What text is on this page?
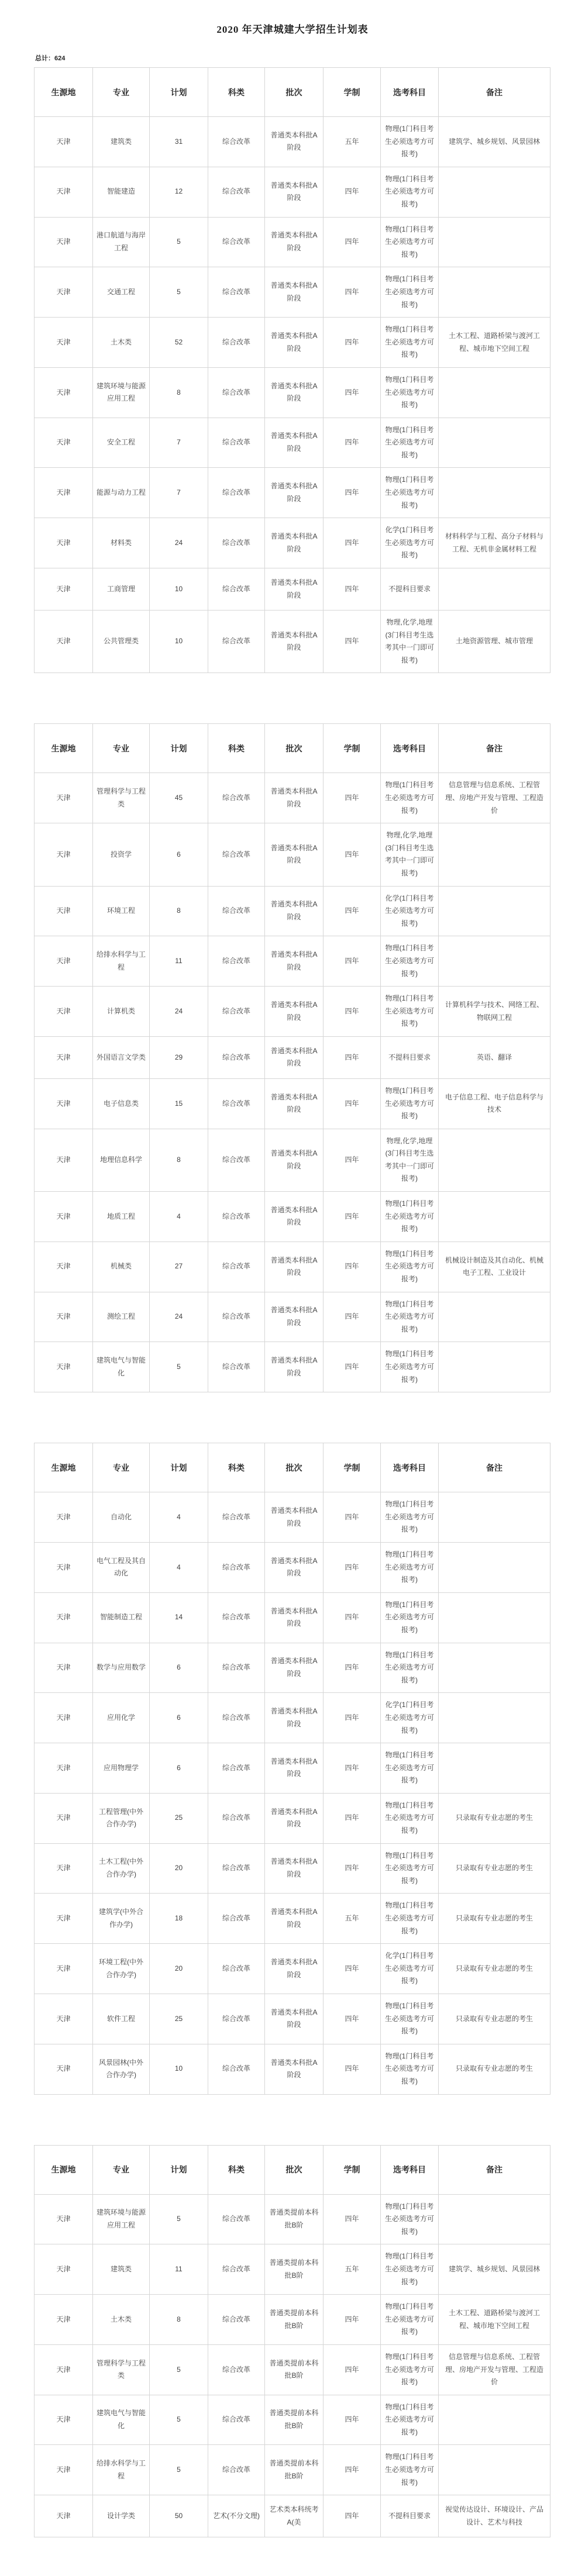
2020 年天津城建大学招生计划表
总计：624
生源地	专业	计划	科类	批次	学制	选考科目	备注
天津	建筑类	31	综合改革	普通类本科批A阶段	五年	物理(1门科目考生必须选考方可报考)	建筑学、城乡规划、风景园林
天津	智能建造	12	综合改革	普通类本科批A阶段	四年	物理(1门科目考生必须选考方可报考)	
天津	港口航道与海岸工程	5	综合改革	普通类本科批A阶段	四年	物理(1门科目考生必须选考方可报考)	
天津	交通工程	5	综合改革	普通类本科批A阶段	四年	物理(1门科目考生必须选考方可报考)	
天津	土木类	52	综合改革	普通类本科批A阶段	四年	物理(1门科目考生必须选考方可报考)	土木工程、道路桥梁与渡河工程、城市地下空间工程
天津	建筑环境与能源应用工程	8	综合改革	普通类本科批A阶段	四年	物理(1门科目考生必须选考方可报考)	
天津	安全工程	7	综合改革	普通类本科批A阶段	四年	物理(1门科目考生必须选考方可报考)	
天津	能源与动力工程	7	综合改革	普通类本科批A阶段	四年	物理(1门科目考生必须选考方可报考)	
天津	材料类	24	综合改革	普通类本科批A阶段	四年	化学(1门科目考生必须选考方可报考)	材料科学与工程、高分子材料与工程、无机非金属材料工程
天津	工商管理	10	综合改革	普通类本科批A阶段	四年	不提科目要求	
天津	公共管理类	10	综合改革	普通类本科批A阶段	四年	物理,化学,地理(3门科目考生选考其中一门即可报考)	土地资源管理、城市管理
生源地	专业	计划	科类	批次	学制	选考科目	备注
天津	管理科学与工程类	45	综合改革	普通类本科批A阶段	四年	物理(1门科目考生必须选考方可报考)	信息管理与信息系统、工程管理、房地产开发与管理、工程造价
天津	投资学	6	综合改革	普通类本科批A阶段	四年	物理,化学,地理(3门科目考生选考其中一门即可报考)	
天津	环境工程	8	综合改革	普通类本科批A阶段	四年	化学(1门科目考生必须选考方可报考)	
天津	给排水科学与工程	11	综合改革	普通类本科批A阶段	四年	物理(1门科目考生必须选考方可报考)	
天津	计算机类	24	综合改革	普通类本科批A阶段	四年	物理(1门科目考生必须选考方可报考)	计算机科学与技术、网络工程、物联网工程
天津	外国语言文学类	29	综合改革	普通类本科批A阶段	四年	不提科目要求	英语、翻译
天津	电子信息类	15	综合改革	普通类本科批A阶段	四年	物理(1门科目考生必须选考方可报考)	电子信息工程、电子信息科学与技术
天津	地理信息科学	8	综合改革	普通类本科批A阶段	四年	物理,化学,地理(3门科目考生选考其中一门即可报考)	
天津	地质工程	4	综合改革	普通类本科批A阶段	四年	物理(1门科目考生必须选考方可报考)	
天津	机械类	27	综合改革	普通类本科批A阶段	四年	物理(1门科目考生必须选考方可报考)	机械设计制造及其自动化、机械电子工程、工业设计
天津	测绘工程	24	综合改革	普通类本科批A阶段	四年	物理(1门科目考生必须选考方可报考)	
天津	建筑电气与智能化	5	综合改革	普通类本科批A阶段	四年	物理(1门科目考生必须选考方可报考)	
生源地	专业	计划	科类	批次	学制	选考科目	备注
天津	自动化	4	综合改革	普通类本科批A阶段	四年	物理(1门科目考生必须选考方可报考)	
天津	电气工程及其自动化	4	综合改革	普通类本科批A阶段	四年	物理(1门科目考生必须选考方可报考)	
天津	智能制造工程	14	综合改革	普通类本科批A阶段	四年	物理(1门科目考生必须选考方可报考)	
天津	数学与应用数学	6	综合改革	普通类本科批A阶段	四年	物理(1门科目考生必须选考方可报考)	
天津	应用化学	6	综合改革	普通类本科批A阶段	四年	化学(1门科目考生必须选考方可报考)	
天津	应用物理学	6	综合改革	普通类本科批A阶段	四年	物理(1门科目考生必须选考方可报考)	
天津	工程管理(中外合作办学)	25	综合改革	普通类本科批A阶段	四年	物理(1门科目考生必须选考方可报考)	只录取有专业志愿的考生
天津	土木工程(中外合作办学)	20	综合改革	普通类本科批A阶段	四年	物理(1门科目考生必须选考方可报考)	只录取有专业志愿的考生
天津	建筑学(中外合作办学)	18	综合改革	普通类本科批A阶段	五年	物理(1门科目考生必须选考方可报考)	只录取有专业志愿的考生
天津	环境工程(中外合作办学)	20	综合改革	普通类本科批A阶段	四年	化学(1门科目考生必须选考方可报考)	只录取有专业志愿的考生
天津	软件工程	25	综合改革	普通类本科批A阶段	四年	物理(1门科目考生必须选考方可报考)	只录取有专业志愿的考生
天津	风景园林(中外合作办学)	10	综合改革	普通类本科批A阶段	四年	物理(1门科目考生必须选考方可报考)	只录取有专业志愿的考生
生源地	专业	计划	科类	批次	学制	选考科目	备注
天津	建筑环境与能源应用工程	5	综合改革	普通类提前本科批B阶	四年	物理(1门科目考生必须选考方可报考)	
天津	建筑类	11	综合改革	普通类提前本科批B阶	五年	物理(1门科目考生必须选考方可报考)	建筑学、城乡规划、风景园林
天津	土木类	8	综合改革	普通类提前本科批B阶	四年	物理(1门科目考生必须选考方可报考)	土木工程、道路桥梁与渡河工程、城市地下空间工程
天津	管理科学与工程类	5	综合改革	普通类提前本科批B阶	四年	物理(1门科目考生必须选考方可报考)	信息管理与信息系统、工程管理、房地产开发与管理、工程造价
天津	建筑电气与智能化	5	综合改革	普通类提前本科批B阶	四年	物理(1门科目考生必须选考方可报考)	
天津	给排水科学与工程	5	综合改革	普通类提前本科批B阶	四年	物理(1门科目考生必须选考方可报考)	
天津	设计学类	50	艺术(不分文理)	艺术类本科统考A(美	四年	不提科目要求	视觉传达设计、环境设计、产品设计、艺术与科技
